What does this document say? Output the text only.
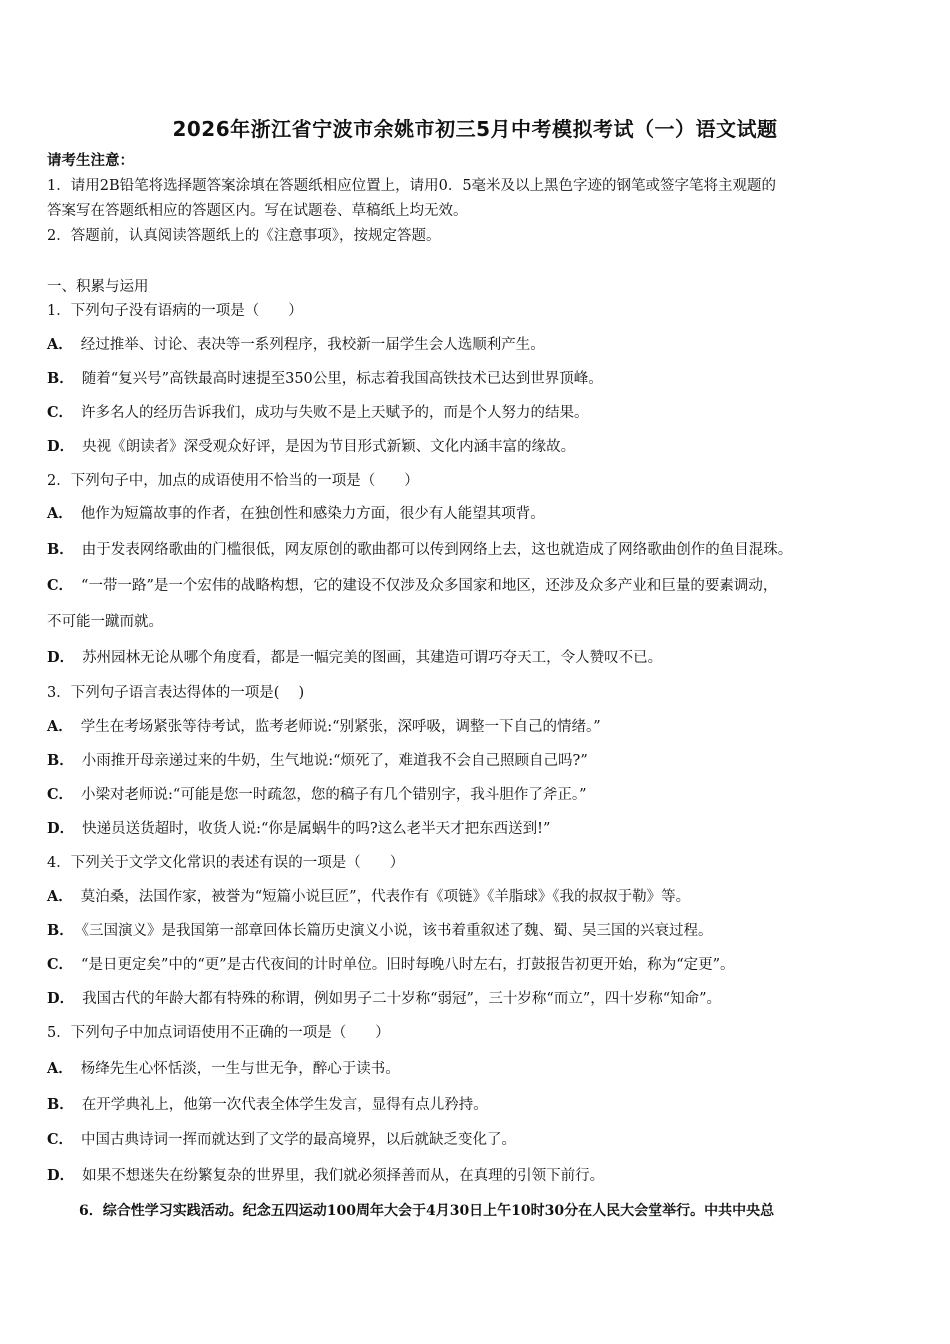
2026年浙江省宁波市余姚市初三5月中考模拟考试（一）语文试题
请考生注意：
1．请用2B铅笔将选择题答案涂填在答题纸相应位置上，请用0．5毫米及以上黑色字迹的钢笔或签字笔将主观题的
答案写在答题纸相应的答题区内。写在试题卷、草稿纸上均无效。
2．答题前，认真阅读答题纸上的《注意事项》，按规定答题。
一、积累与运用
1．下列句子没有语病的一项是（　　）
A． 经过推举、讨论、表决等一系列程序，我校新一届学生会人选顺利产生。
B． 随着“复兴号”高铁最高时速提至350公里，标志着我国高铁技术已达到世界顶峰。
C． 许多名人的经历告诉我们，成功与失败不是上天赋予的，而是个人努力的结果。
D． 央视《朗读者》深受观众好评，是因为节目形式新颖、文化内涵丰富的缘故。
2．下列句子中，加点的成语使用不恰当的一项是（　　）
A． 他作为短篇故事的作者，在独创性和感染力方面，很少有人能望其项背。
B． 由于发表网络歌曲的门槛很低，网友原创的歌曲都可以传到网络上去，这也就造成了网络歌曲创作的鱼目混珠。
C． “一带一路”是一个宏伟的战略构想，它的建设不仅涉及众多国家和地区，还涉及众多产业和巨量的要素调动，
不可能一蹴而就。
D． 苏州园林无论从哪个角度看，都是一幅完美的图画，其建造可谓巧夺天工，令人赞叹不已。
3．下列句子语言表达得体的一项是(　 )
A． 学生在考场紧张等待考试，监考老师说:“别紧张，深呼吸，调整一下自己的情绪。”
B． 小雨推开母亲递过来的牛奶，生气地说:“烦死了，难道我不会自己照顾自己吗?”
C． 小梁对老师说:“可能是您一时疏忽，您的稿子有几个错别字，我斗胆作了斧正。”
D． 快递员送货超时，收货人说:“你是属蜗牛的吗?这么老半天才把东西送到!”
4．下列关于文学文化常识的表述有误的一项是（　　）
A． 莫泊桑，法国作家，被誉为“短篇小说巨匠”，代表作有《项链》《羊脂球》《我的叔叔于勒》等。
B． 《三国演义》是我国第一部章回体长篇历史演义小说，该书着重叙述了魏、蜀、吴三国的兴衰过程。
C． “是日更定矣”中的“更”是古代夜间的计时单位。旧时每晚八时左右，打鼓报告初更开始，称为“定更”。
D． 我国古代的年龄大都有特殊的称谓，例如男子二十岁称“弱冠”，三十岁称“而立”，四十岁称“知命”。
5．下列句子中加点词语使用不正确的一项是（　　）
A． 杨绛先生心怀恬淡，一生与世无争，醉心于读书。
B． 在开学典礼上，他第一次代表全体学生发言，显得有点儿矜持。
C． 中国古典诗词一挥而就达到了文学的最高境界，以后就缺乏变化了。
D． 如果不想迷失在纷繁复杂的世界里，我们就必须择善而从，在真理的引领下前行。
6．综合性学习实践活动。纪念五四运动100周年大会于4月30日上午10时30分在人民大会堂举行。中共中央总
